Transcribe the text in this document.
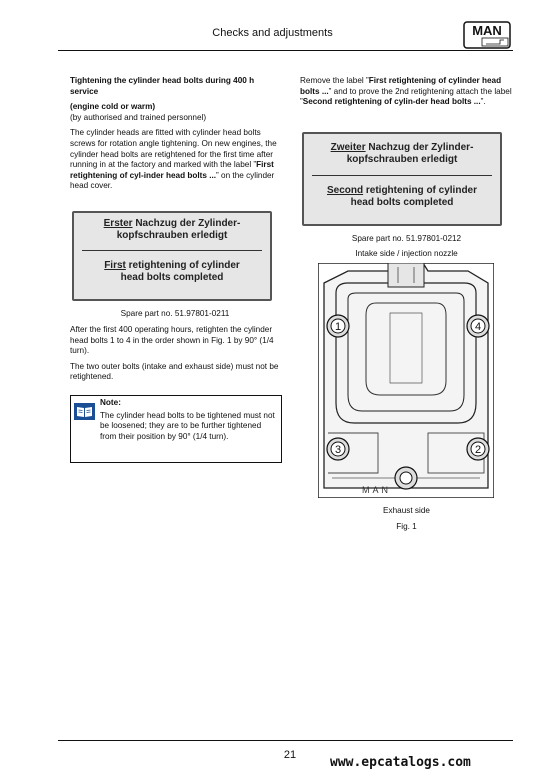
Checks and adjustments	MAN

Tightening the cylinder head bolts during 400 h service

(engine cold or warm)

(by authorised and trained personnel)

The cylinder heads are fitted with cylinder head bolts screws for rotation angle tightening. On new engines, the cylinder head bolts are retightened for the first time after running in at the factory and marked with the label ”First retightening of cyl-inder head bolts ...” on the cylinder head cover.

Erster Nachzug der Zylinder-
kopfschrauben erledigt
First retightening of cylinder
head bolts completed
Spare part no. 51.97801-0211

After the first 400 operating hours, retighten the cylinder head bolts 1 to 4 in the order shown in Fig. 1 by 90° (1/4 turn).

The two outer bolts (intake and exhaust side) must not be retightened.

Note:

The cylinder head bolts to be tightened must not be loosened; they are to be further tightened from their position by 90° (1/4 turn).

Remove the label ”First retightening of cylinder head bolts ...” and to prove the 2nd retightening attach the label ”Second retightening of cylin-der head bolts ...”.

Zweiter Nachzug der Zylinder-
kopfschrauben erledigt
Second retightening of cylinder
head bolts completed
Spare part no. 51.97801-0212
Intake side / injection nozzle
MAN
1	4
3	2
Exhaust side
Fig. 1
21	www.epcatalogs.com
